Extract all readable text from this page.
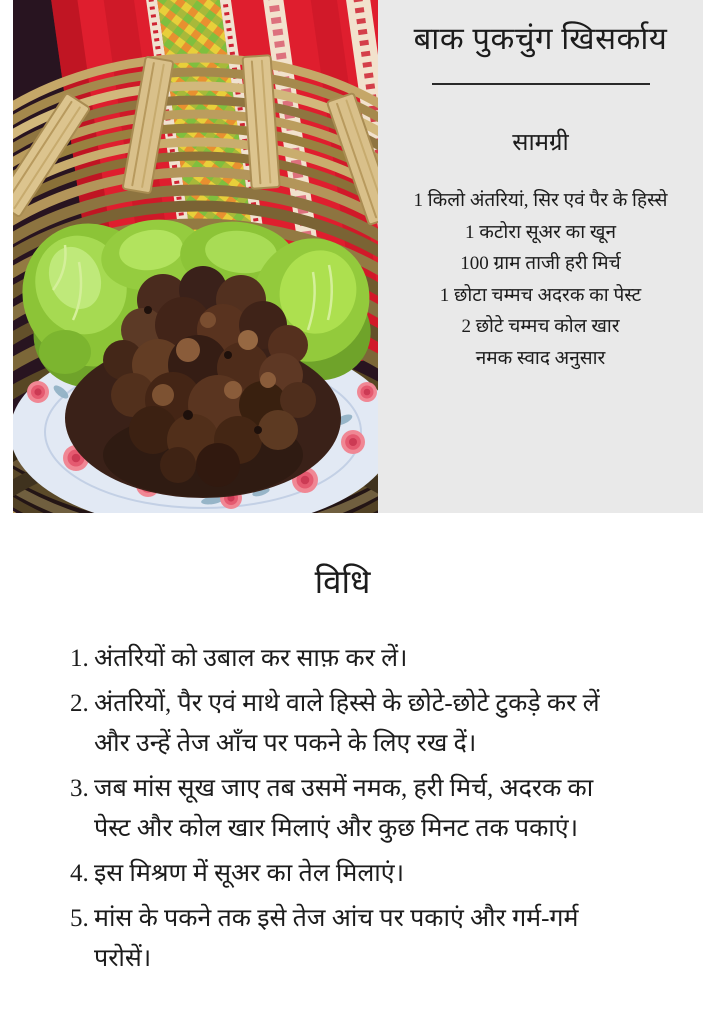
बाक पुकचुंग खिसर्काय
सामग्री
1 किलो अंतरियां, सिर एवं पैर के हिस्से
1 कटोरा सूअर का खून
100 ग्राम ताजी हरी मिर्च
1 छोटा चम्मच अदरक का पेस्ट
2 छोटे चम्मच कोल खार
नमक स्वाद अनुसार
विधि
1. अंतरियों को उबाल कर साफ़ कर लें।
2. अंतरियों, पैर एवं माथे वाले हिस्से के छोटे-छोटे टुकड़े कर लें और उन्हें तेज आँच पर पकने के लिए रख दें।
3. जब मांस सूख जाए तब उसमें नमक, हरी मिर्च, अदरक का पेस्ट और कोल खार मिलाएं और कुछ मिनट तक पकाएं।
4. इस मिश्रण में सूअर का तेल मिलाएं।
5. मांस के पकने तक इसे तेज आंच पर पकाएं और गर्म-गर्म परोसें।
